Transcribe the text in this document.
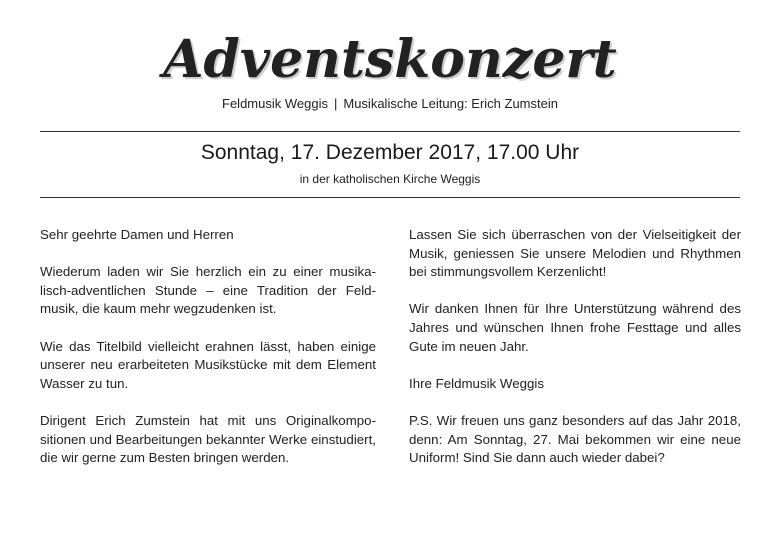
Adventskonzert
Feldmusik Weggis | Musikalische Leitung: Erich Zumstein
Sonntag, 17. Dezember 2017, 17.00 Uhr
in der katholischen Kirche Weggis

Sehr geehrte Damen und Herren

Wiederum laden wir Sie herzlich ein zu einer musikalisch-adventlichen Stunde – eine Tradition der Feldmusik, die kaum mehr wegzudenken ist.

Wie das Titelbild vielleicht erahnen lässt, haben einige unserer neu erarbeiteten Musikstücke mit dem Element Wasser zu tun.

Dirigent Erich Zumstein hat mit uns Originalkompositionen und Bearbeitungen bekannter Werke einstudiert, die wir gerne zum Besten bringen werden.

Lassen Sie sich überraschen von der Vielseitigkeit der Musik, geniessen Sie unsere Melodien und Rhythmen bei stimmungsvollem Kerzenlicht!

Wir danken Ihnen für Ihre Unterstützung während des Jahres und wünschen Ihnen frohe Festtage und alles Gute im neuen Jahr.

Ihre Feldmusik Weggis

P.S. Wir freuen uns ganz besonders auf das Jahr 2018, denn: Am Sonntag, 27. Mai bekommen wir eine neue Uniform! Sind Sie dann auch wieder dabei?
